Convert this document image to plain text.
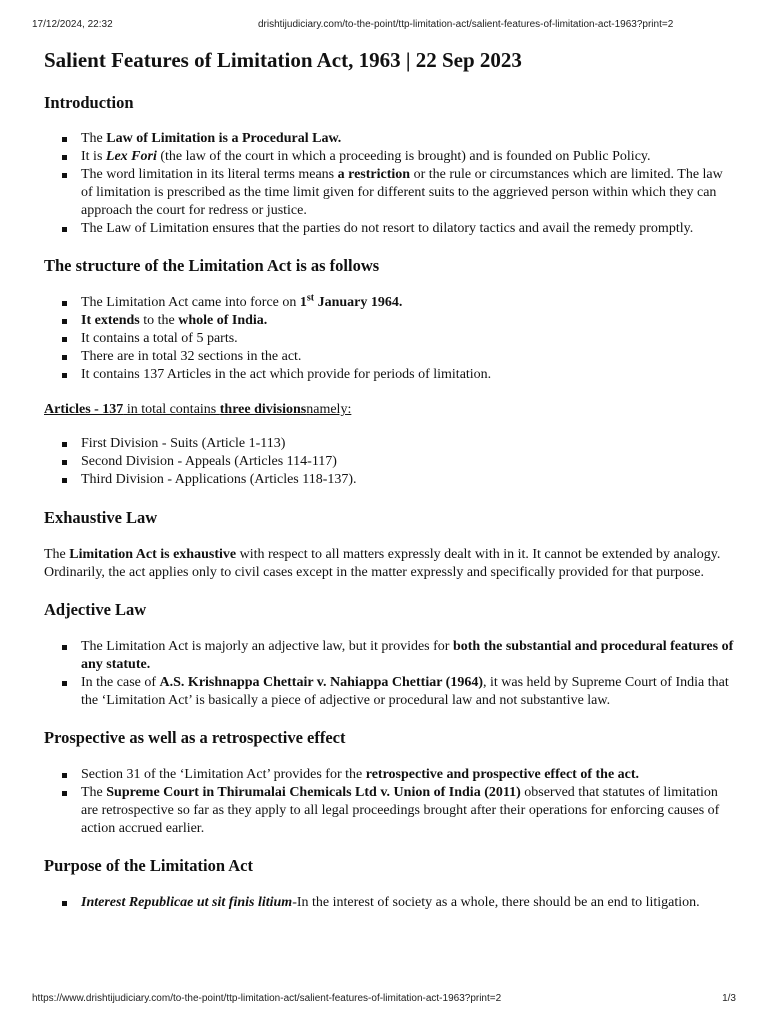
17/12/2024, 22:32	drishtijudiciary.com/to-the-point/ttp-limitation-act/salient-features-of-limitation-act-1963?print=2
Salient Features of Limitation Act, 1963 | 22 Sep 2023
Introduction
The Law of Limitation is a Procedural Law.
It is Lex Fori (the law of the court in which a proceeding is brought) and is founded on Public Policy.
The word limitation in its literal terms means a restriction or the rule or circumstances which are limited. The law of limitation is prescribed as the time limit given for different suits to the aggrieved person within which they can approach the court for redress or justice.
The Law of Limitation ensures that the parties do not resort to dilatory tactics and avail the remedy promptly.
The structure of the Limitation Act is as follows
The Limitation Act came into force on 1st January 1964.
It extends to the whole of India.
It contains a total of 5 parts.
There are in total 32 sections in the act.
It contains 137 Articles in the act which provide for periods of limitation.

Articles - 137 in total contains three divisionsnamely:

First Division - Suits (Article 1-113)
Second Division - Appeals (Articles 114-117)
Third Division - Applications (Articles 118-137).
Exhaustive Law

The Limitation Act is exhaustive with respect to all matters expressly dealt with in it. It cannot be extended by analogy. Ordinarily, the act applies only to civil cases except in the matter expressly and specifically provided for that purpose.

Adjective Law
The Limitation Act is majorly an adjective law, but it provides for both the substantial and procedural features of any statute.
In the case of A.S. Krishnappa Chettair v. Nahiappa Chettiar (1964), it was held by Supreme Court of India that the ‘Limitation Act’ is basically a piece of adjective or procedural law and not substantive law.
Prospective as well as a retrospective effect
Section 31 of the ‘Limitation Act’ provides for the retrospective and prospective effect of the act.
The Supreme Court in Thirumalai Chemicals Ltd v. Union of India (2011) observed that statutes of limitation are retrospective so far as they apply to all legal proceedings brought after their operations for enforcing causes of action accrued earlier.
Purpose of the Limitation Act
Interest Republicae ut sit finis litium-In the interest of society as a whole, there should be an end to litigation.
https://www.drishtijudiciary.com/to-the-point/ttp-limitation-act/salient-features-of-limitation-act-1963?print=2	1/3
